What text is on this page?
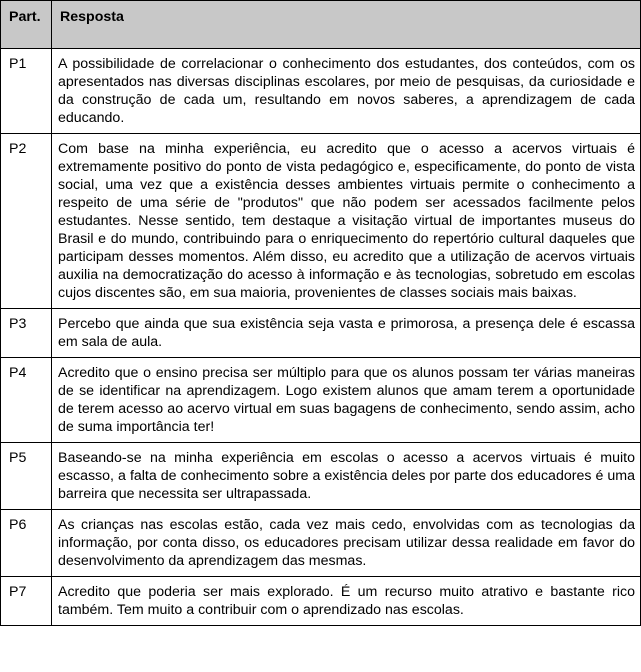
Part.	Resposta
P1	A possibilidade de correlacionar o conhecimento dos estudantes, dos conteúdos, com os apresentados nas diversas disciplinas escolares, por meio de pesquisas, da curiosidade e da construção de cada um, resultando em novos saberes, a aprendizagem de cada educando.
P2	Com base na minha experiência, eu acredito que o acesso a acervos virtuais é extremamente positivo do ponto de vista pedagógico e, especificamente, do ponto de vista social, uma vez que a existência desses ambientes virtuais permite o conhecimento a respeito de uma série de "produtos" que não podem ser acessados facilmente pelos estudantes. Nesse sentido, tem destaque a visitação virtual de importantes museus do Brasil e do mundo, contribuindo para o enriquecimento do repertório cultural daqueles que participam desses momentos. Além disso, eu acredito que a utilização de acervos virtuais auxilia na democratização do acesso à informação e às tecnologias, sobretudo em escolas cujos discentes são, em sua maioria, provenientes de classes sociais mais baixas.
P3	Percebo que ainda que sua existência seja vasta e primorosa, a presença dele é escassa em sala de aula.
P4	Acredito que o ensino precisa ser múltiplo para que os alunos possam ter várias maneiras de se identificar na aprendizagem. Logo existem alunos que amam terem a oportunidade de terem acesso ao acervo virtual em suas bagagens de conhecimento, sendo assim, acho de suma importância ter!
P5	Baseando-se na minha experiência em escolas o acesso a acervos virtuais é muito escasso, a falta de conhecimento sobre a existência deles por parte dos educadores é uma barreira que necessita ser ultrapassada.
P6	As crianças nas escolas estão, cada vez mais cedo, envolvidas com as tecnologias da informação, por conta disso, os educadores precisam utilizar dessa realidade em favor do desenvolvimento da aprendizagem das mesmas.
P7	Acredito que poderia ser mais explorado. É um recurso muito atrativo e bastante rico também. Tem muito a contribuir com o aprendizado nas escolas.
